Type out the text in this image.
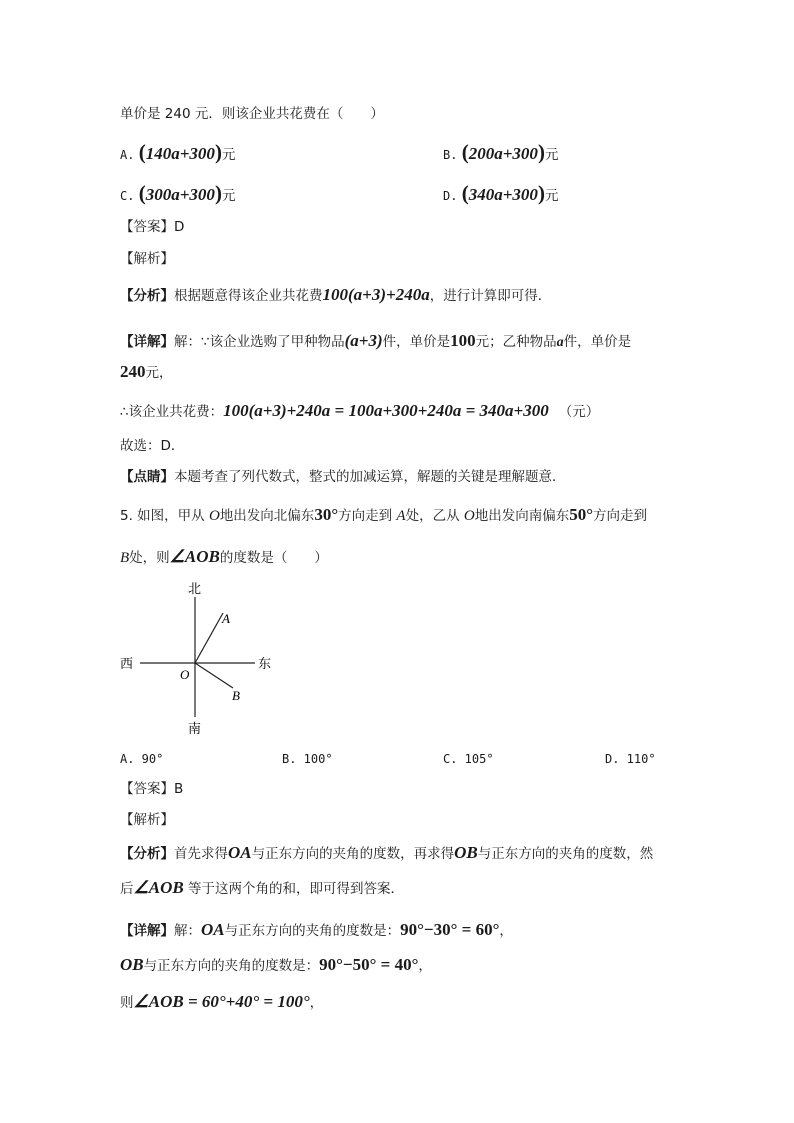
单价是 240 元．则该企业共花费在（　　）
A. (140a+300)元	B. (200a+300)元
C. (300a+300)元	D. (340a+300)元
【答案】D
【解析】
【分析】根据题意得该企业共花费100(a+3)+240a，进行计算即可得．
【详解】解：∵该企业选购了甲种物品(a+3)件，单价是100元；乙种物品a件，单价是
240元，
∴该企业共花费：100(a+3)+240a = 100a+300+240a = 340a+300 （元）
故选：D．
【点睛】本题考查了列代数式，整式的加减运算，解题的关键是理解题意．
5. 如图，甲从 O地出发向北偏东30°方向走到 A处，乙从 O地出发向南偏东50°方向走到
B处，则∠AOB的度数是（　　）
北
南
西	东
O
A
B
A. 90°	B. 100°	C. 105°	D. 110°
【答案】B
【解析】
【分析】首先求得OA与正东方向的夹角的度数，再求得OB与正东方向的夹角的度数，然
后∠AOB 等于这两个角的和，即可得到答案．
【详解】解：OA与正东方向的夹角的度数是：90°−30° = 60°，
OB与正东方向的夹角的度数是：90°−50° = 40°，
则∠AOB = 60°+40° = 100°，
